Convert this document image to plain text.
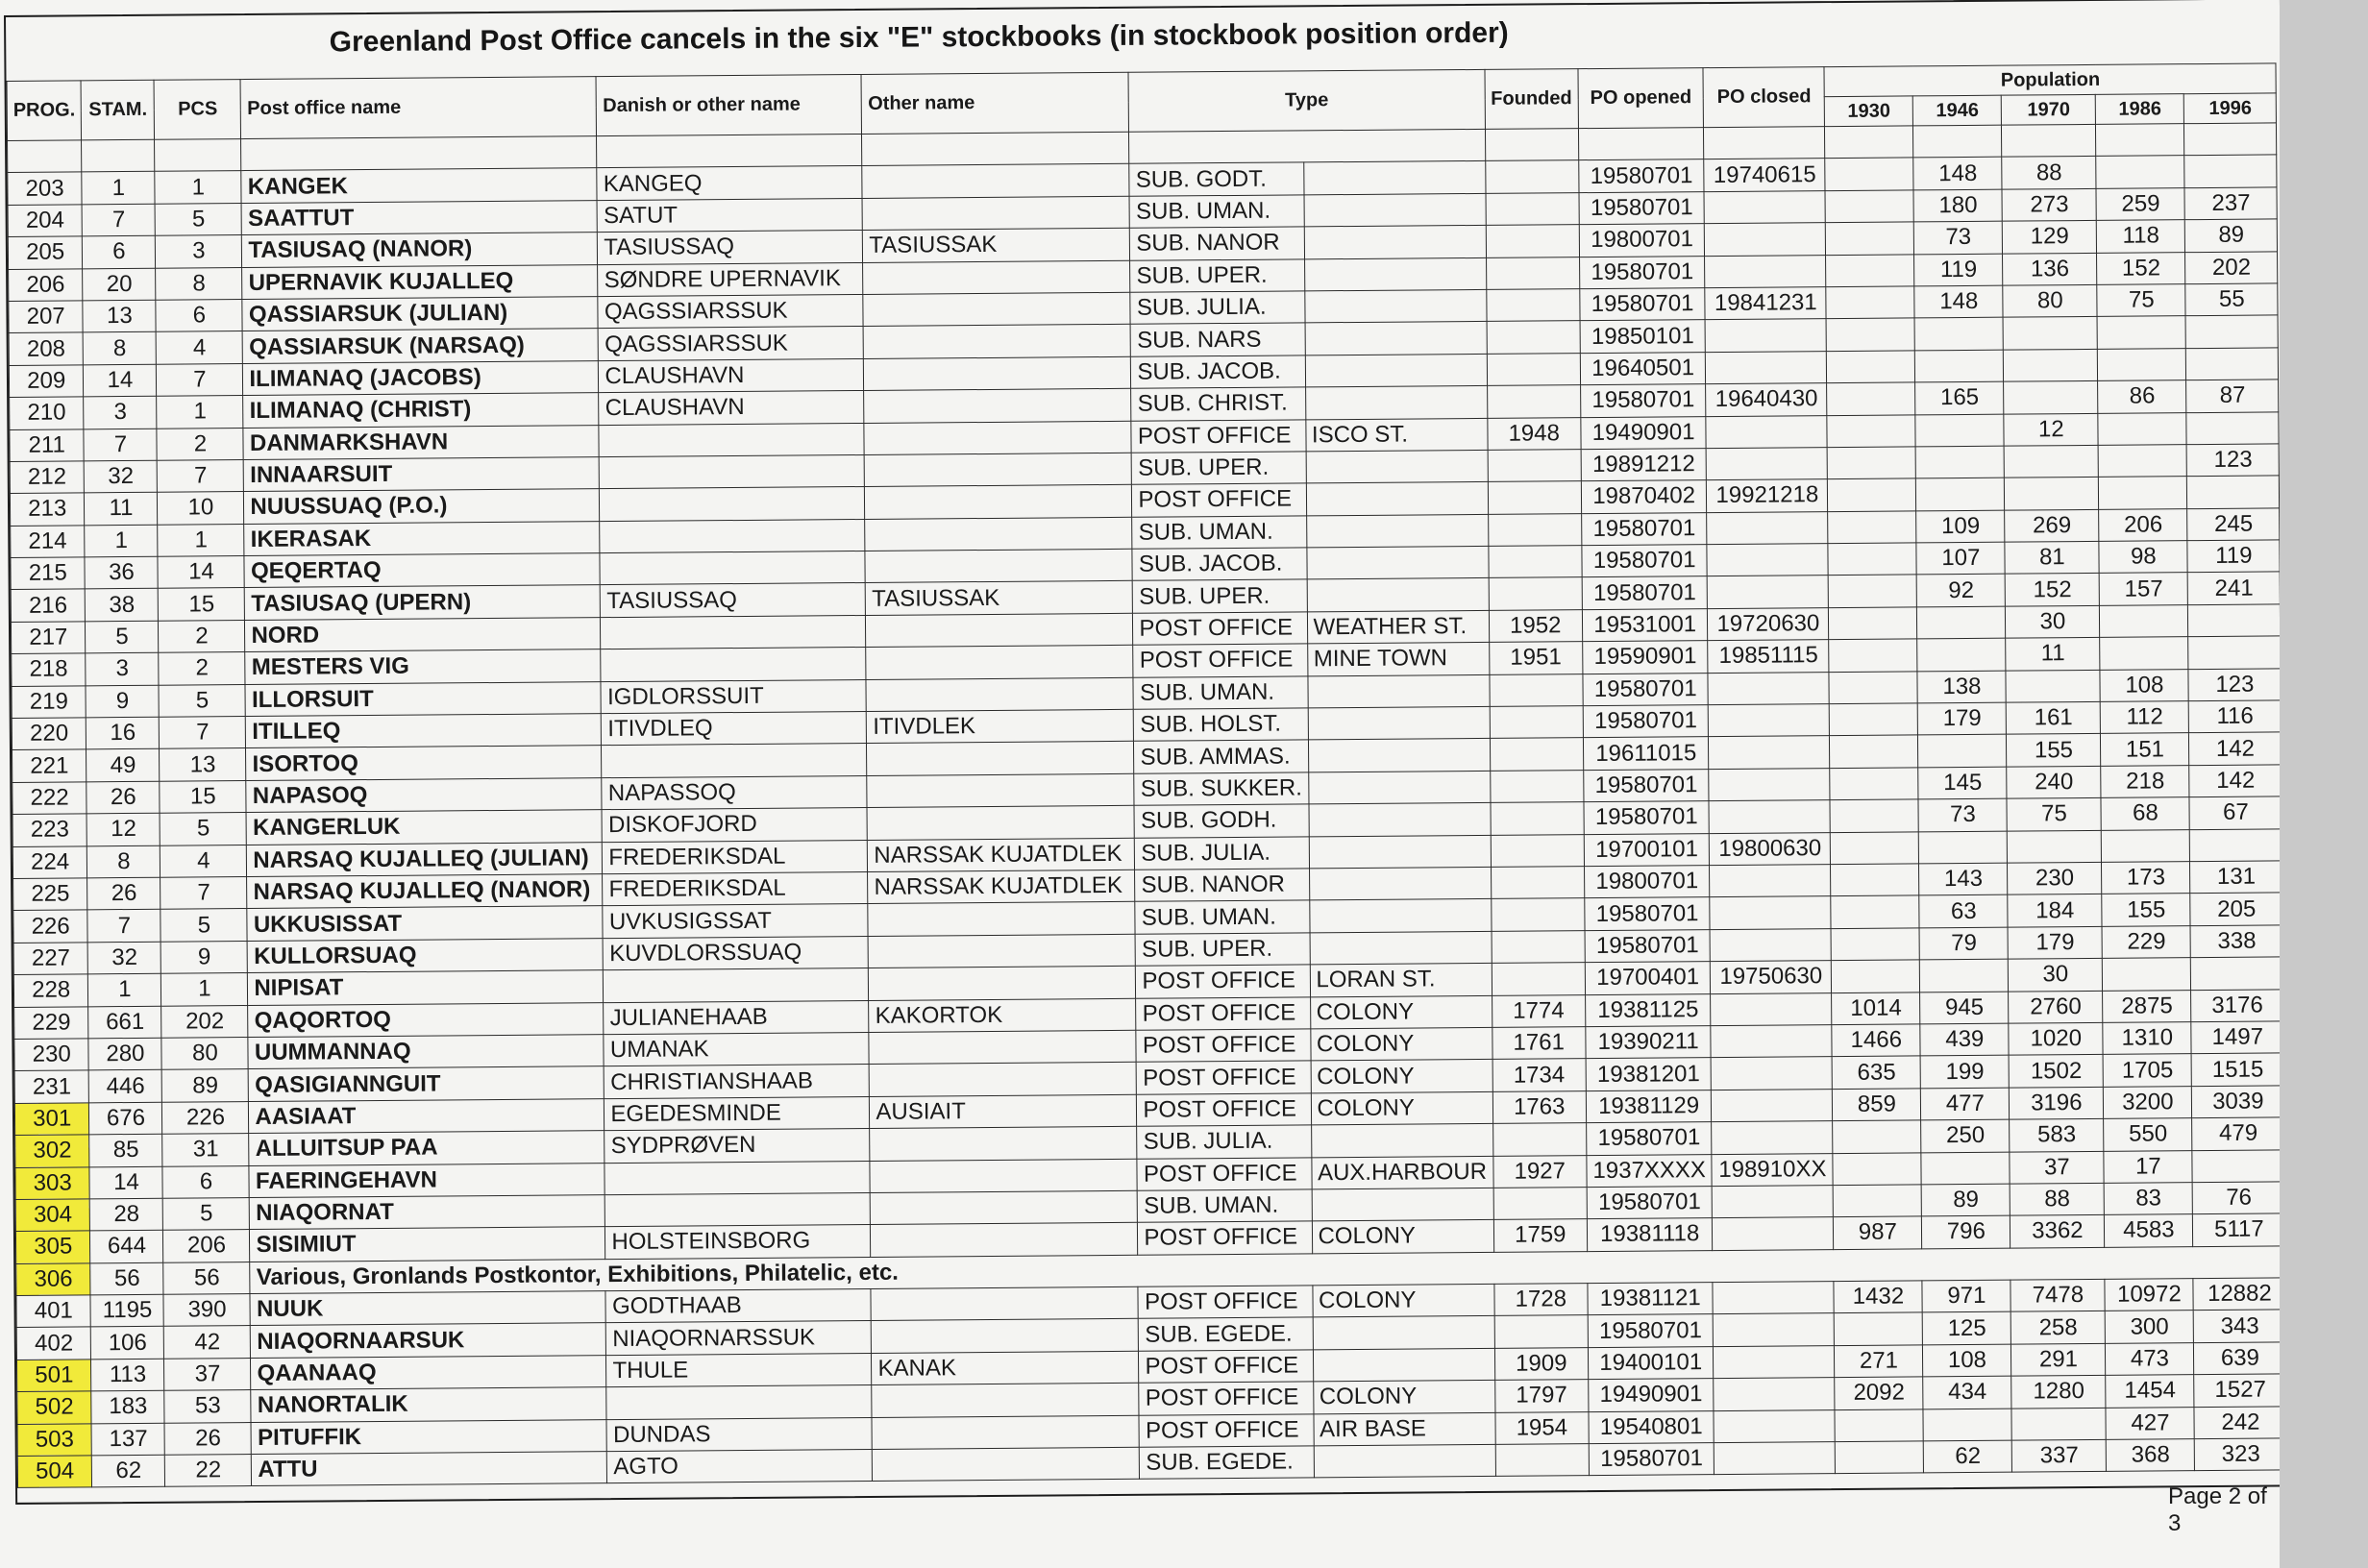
Greenland Post Office cancels in the six "E" stockbooks (in stockbook position order)
PROG.	STAM.	PCS	Post office name	Danish or other name	Other name	Type		Founded	PO opened	PO closed	Population				
											1930	1946	1970	1986	1996

203	1	1	KANGEK	KANGEQ		SUB. GODT.			19580701	19740615		148	88		
204	7	5	SAATTUT	SATUT		SUB. UMAN.			19580701			180	273	259	237
205	6	3	TASIUSAQ (NANOR)	TASIUSSAQ	TASIUSSAK	SUB. NANOR			19800701			73	129	118	89
206	20	8	UPERNAVIK KUJALLEQ	SØNDRE UPERNAVIK		SUB. UPER.			19580701			119	136	152	202
207	13	6	QASSIARSUK (JULIAN)	QAGSSIARSSUK		SUB. JULIA.			19580701	19841231		148	80	75	55
208	8	4	QASSIARSUK (NARSAQ)	QAGSSIARSSUK		SUB. NARS			19850101						
209	14	7	ILIMANAQ (JACOBS)	CLAUSHAVN		SUB. JACOB.			19640501						
210	3	1	ILIMANAQ (CHRIST)	CLAUSHAVN		SUB. CHRIST.			19580701	19640430		165		86	87
211	7	2	DANMARKSHAVN			POST OFFICE	ISCO ST.	1948	19490901				12		
212	32	7	INNAARSUIT			SUB. UPER.			19891212						123
213	11	10	NUUSSUAQ (P.O.)			POST OFFICE			19870402	19921218					
214	1	1	IKERASAK			SUB. UMAN.			19580701			109	269	206	245
215	36	14	QEQERTAQ			SUB. JACOB.			19580701			107	81	98	119
216	38	15	TASIUSAQ (UPERN)	TASIUSSAQ	TASIUSSAK	SUB. UPER.			19580701			92	152	157	241
217	5	2	NORD			POST OFFICE	WEATHER ST.	1952	19531001	19720630			30		
218	3	2	MESTERS VIG			POST OFFICE	MINE TOWN	1951	19590901	19851115			11		
219	9	5	ILLORSUIT	IGDLORSSUIT		SUB. UMAN.			19580701			138		108	123
220	16	7	ITILLEQ	ITIVDLEQ	ITIVDLEK	SUB. HOLST.			19580701			179	161	112	116
221	49	13	ISORTOQ			SUB. AMMAS.			19611015				155	151	142
222	26	15	NAPASOQ	NAPASSOQ		SUB. SUKKER.			19580701			145	240	218	142
223	12	5	KANGERLUK	DISKOFJORD		SUB. GODH.			19580701			73	75	68	67
224	8	4	NARSAQ KUJALLEQ (JULIAN)	FREDERIKSDAL	NARSSAK KUJATDLEK	SUB. JULIA.			19700101	19800630					
225	26	7	NARSAQ KUJALLEQ (NANOR)	FREDERIKSDAL	NARSSAK KUJATDLEK	SUB. NANOR			19800701			143	230	173	131
226	7	5	UKKUSISSAT	UVKUSIGSSAT		SUB. UMAN.			19580701			63	184	155	205
227	32	9	KULLORSUAQ	KUVDLORSSUAQ		SUB. UPER.			19580701			79	179	229	338
228	1	1	NIPISAT			POST OFFICE	LORAN ST.		19700401	19750630			30		
229	661	202	QAQORTOQ	JULIANEHAAB	KAKORTOK	POST OFFICE	COLONY	1774	19381125		1014	945	2760	2875	3176
230	280	80	UUMMANNAQ	UMANAK		POST OFFICE	COLONY	1761	19390211		1466	439	1020	1310	1497
231	446	89	QASIGIANNGUIT	CHRISTIANSHAAB		POST OFFICE	COLONY	1734	19381201		635	199	1502	1705	1515
301	676	226	AASIAAT	EGEDESMINDE	AUSIAIT	POST OFFICE	COLONY	1763	19381129		859	477	3196	3200	3039
302	85	31	ALLUITSUP PAA	SYDPRØVEN		SUB. JULIA.			19580701			250	583	550	479
303	14	6	FAERINGEHAVN			POST OFFICE	AUX.HARBOUR	1927	1937XXXX	198910XX			37	17	
304	28	5	NIAQORNAT			SUB. UMAN.			19580701			89	88	83	76
305	644	206	SISIMIUT	HOLSTEINSBORG		POST OFFICE	COLONY	1759	19381118		987	796	3362	4583	5117
306	56	56	Various, Gronlands Postkontor, Exhibitions, Philatelic, etc.												
401	1195	390	NUUK	GODTHAAB		POST OFFICE	COLONY	1728	19381121		1432	971	7478	10972	12882
402	106	42	NIAQORNAARSUK	NIAQORNARSSUK		SUB. EGEDE.			19580701			125	258	300	343
501	113	37	QAANAAQ	THULE	KANAK	POST OFFICE		1909	19400101		271	108	291	473	639
502	183	53	NANORTALIK			POST OFFICE	COLONY	1797	19490901		2092	434	1280	1454	1527
503	137	26	PITUFFIK	DUNDAS		POST OFFICE	AIR BASE	1954	19540801					427	242
504	62	22	ATTU	AGTO		SUB. EGEDE.			19580701			62	337	368	323
Page 2 of 3
